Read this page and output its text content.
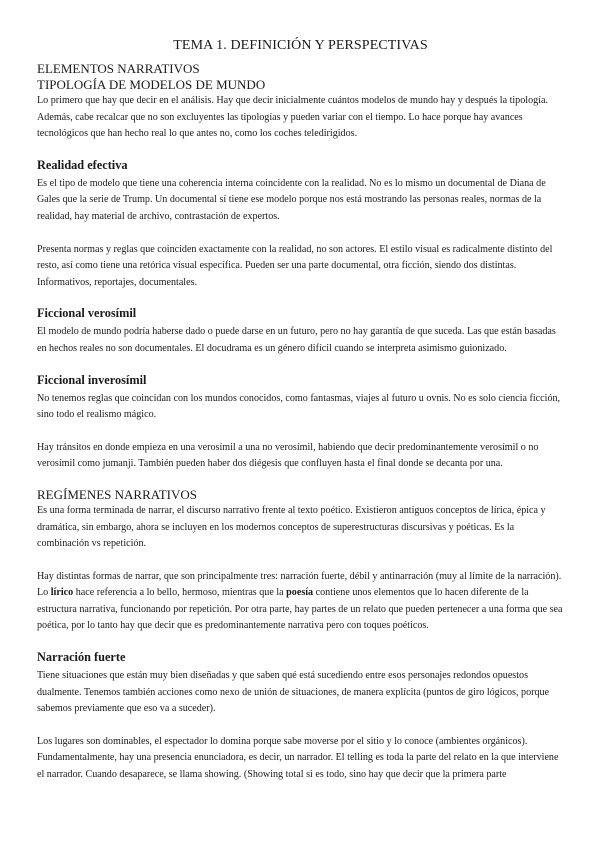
TEMA 1. DEFINICIÓN Y PERSPECTIVAS
ELEMENTOS NARRATIVOS
TIPOLOGÍA DE MODELOS DE MUNDO

Lo primero que hay que decir en el análisis. Hay que decir inicialmente cuántos modelos de mundo hay y después la tipología. Además, cabe recalcar que no son excluyentes las tipologías y pueden variar con el tiempo. Lo hace porque hay avances tecnológicos que han hecho real lo que antes no, como los coches teledirigidos.

Realidad efectiva

Es el tipo de modelo que tiene una coherencia interna coincidente con la realidad. No es lo mismo un documental de Diana de Gales que la serie de Trump. Un documental sí tiene ese modelo porque nos está mostrando las personas reales, normas de la realidad, hay material de archivo, contrastación de expertos.

Presenta normas y reglas que coinciden exactamente con la realidad, no son actores. El estilo visual es radicalmente distinto del resto, así como tiene una retórica visual específica. Pueden ser una parte documental, otra ficción, siendo dos distintas. Informativos, reportajes, documentales.

Ficcional verosímil

El modelo de mundo podría haberse dado o puede darse en un futuro, pero no hay garantía de que suceda. Las que están basadas en hechos reales no son documentales. El docudrama es un género difícil cuando se interpreta asimismo guionizado.

Ficcional inverosímil

No tenemos reglas que coincidan con los mundos conocidos, como fantasmas, viajes al futuro u ovnis. No es solo ciencia ficción, sino todo el realismo mágico.

Hay tránsitos en donde empieza en una verosímil a una no verosímil, habiendo que decir predominantemente verosímil o no verosímil como jumanji. También pueden haber dos diégesis que confluyen hasta el final donde se decanta por una.

REGÍMENES NARRATIVOS

Es una forma terminada de narrar, el discurso narrativo frente al texto poético. Existieron antiguos conceptos de lírica, épica y dramática, sin embargo, ahora se incluyen en los modernos conceptos de superestructuras discursivas y poéticas. Es la combinación vs repetición.

Hay distintas formas de narrar, que son principalmente tres: narración fuerte, débil y antinarración (muy al límite de la narración). Lo lírico hace referencia a lo bello, hermoso, mientras que la poesía contiene unos elementos que lo hacen diferente de la estructura narrativa, funcionando por repetición. Por otra parte, hay partes de un relato que pueden pertenecer a una forma que sea poética, por lo tanto hay que decir que es predominantemente narrativa pero con toques poéticos.

Narración fuerte

Tiene situaciones que están muy bien diseñadas y que saben qué está sucediendo entre esos personajes redondos opuestos dualmente. Tenemos también acciones como nexo de unión de situaciones, de manera explícita (puntos de giro lógicos, porque sabemos previamente que eso va a suceder).

Los lugares son dominables, el espectador lo domina porque sabe moverse por el sitio y lo conoce (ambientes orgánicos). Fundamentalmente, hay una presencia enunciadora, es decir, un narrador. El telling es toda la parte del relato en la que interviene el narrador. Cuando desaparece, se llama showing. (Showing total si es todo, sino hay que decir que la primera parte
